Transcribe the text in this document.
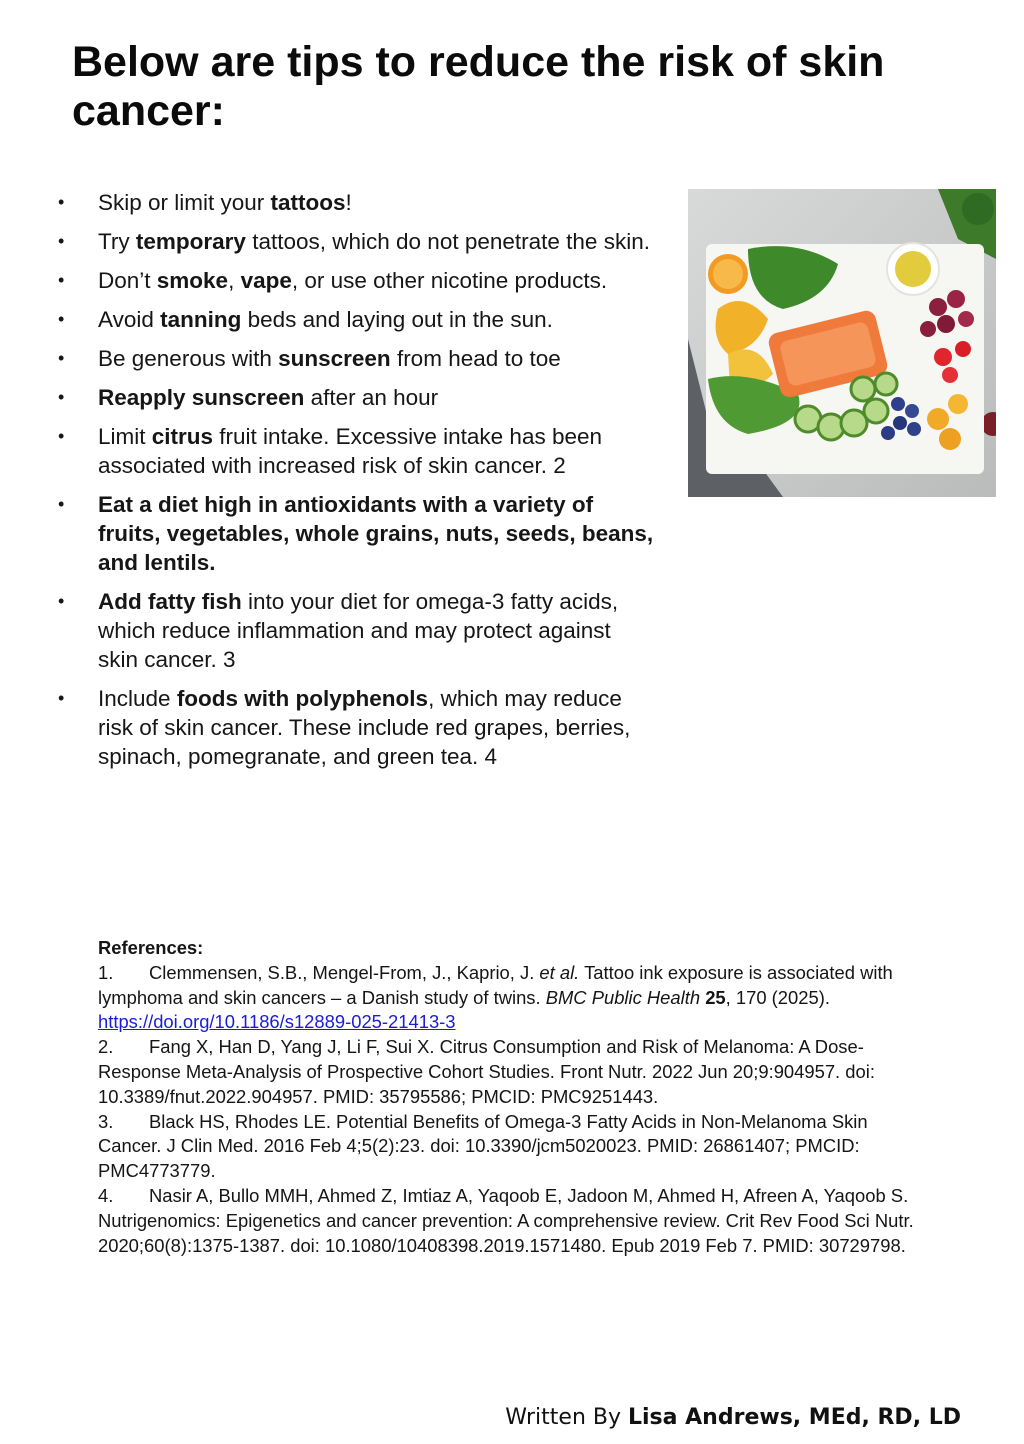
Below are tips to reduce the risk of skin cancer:
• Skip or limit your tattoos!
• Try temporary tattoos, which do not penetrate the skin.
• Don’t smoke, vape, or use other nicotine products.
• Avoid tanning beds and laying out in the sun.
• Be generous with sunscreen from head to toe
• Reapply sunscreen after an hour
• Limit citrus fruit intake. Excessive intake has been associated with increased risk of skin cancer. 2
• Eat a diet high in antioxidants with a variety of fruits, vegetables, whole grains, nuts, seeds, beans, and lentils.
• Add fatty fish into your diet for omega-3 fatty acids, which reduce inflammation and may protect against skin cancer. 3
• Include foods with polyphenols, which may reduce risk of skin cancer. These include red grapes, berries, spinach, pomegranate, and green tea. 4
References:
1. Clemmensen, S.B., Mengel-From, J., Kaprio, J. et al. Tattoo ink exposure is associated with lymphoma and skin cancers – a Danish study of twins. BMC Public Health 25, 170 (2025). https://doi.org/10.1186/s12889-025-21413-3
2. Fang X, Han D, Yang J, Li F, Sui X. Citrus Consumption and Risk of Melanoma: A Dose-Response Meta-Analysis of Prospective Cohort Studies. Front Nutr. 2022 Jun 20;9:904957. doi: 10.3389/fnut.2022.904957. PMID: 35795586; PMCID: PMC9251443.
3. Black HS, Rhodes LE. Potential Benefits of Omega-3 Fatty Acids in Non-Melanoma Skin Cancer. J Clin Med. 2016 Feb 4;5(2):23. doi: 10.3390/jcm5020023. PMID: 26861407; PMCID: PMC4773779.
4. Nasir A, Bullo MMH, Ahmed Z, Imtiaz A, Yaqoob E, Jadoon M, Ahmed H, Afreen A, Yaqoob S. Nutrigenomics: Epigenetics and cancer prevention: A comprehensive review. Crit Rev Food Sci Nutr. 2020;60(8):1375-1387. doi: 10.1080/10408398.2019.1571480. Epub 2019 Feb 7. PMID: 30729798.
Written By Lisa Andrews, MEd, RD, LD
